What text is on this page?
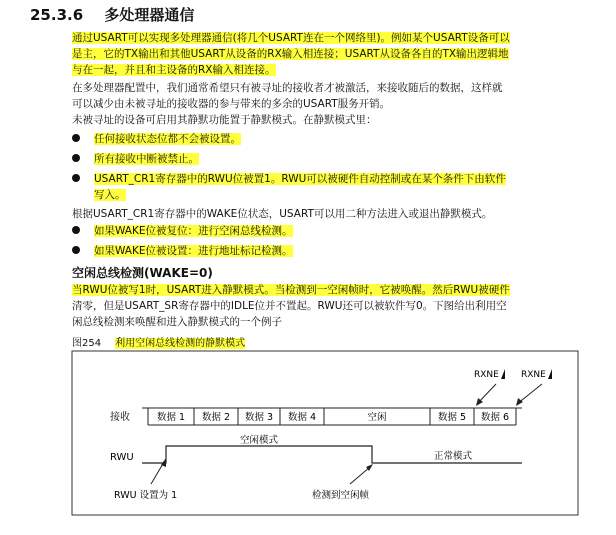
25.3.6 多处理器通信
通过USART可以实现多处理器通信(将几个USART连在一个网络里)。例如某个USART设备可以
是主，它的TX输出和其他USART从设备的RX输入相连接；USART从设备各自的TX输出逻辑地
与在一起，并且和主设备的RX输入相连接。
在多处理器配置中，我们通常希望只有被寻址的接收者才被激活，来接收随后的数据，这样就
可以减少由未被寻址的接收器的参与带来的多余的USART服务开销。
未被寻址的设备可启用其静默功能置于静默模式。在静默模式里：
任何接收状态位都不会被设置。
所有接收中断被禁止。
USART_CR1寄存器中的RWU位被置1。RWU可以被硬件自动控制或在某个条件下由软件
写入。
根据USART_CR1寄存器中的WAKE位状态，USART可以用二种方法进入或退出静默模式。
如果WAKE位被复位：进行空闲总线检测。
如果WAKE位被设置：进行地址标记检测。
空闲总线检测(WAKE=0)
当RWU位被写1时，USART进入静默模式。当检测到一空闲帧时，它被唤醒。然后RWU被硬件
清零，但是USART_SR寄存器中的IDLE位并不置起。RWU还可以被软件写0。下图给出利用空
闲总线检测来唤醒和进入静默模式的一个例子
图254 利用空闲总线检测的静默模式
接收
RWU
数据 1 数据 2 数据 3 数据 4	空闲	数据 5 数据 6
RXNE RXNE
空闲模式
正常模式
RWU 设置为 1	检测到空闲帧
